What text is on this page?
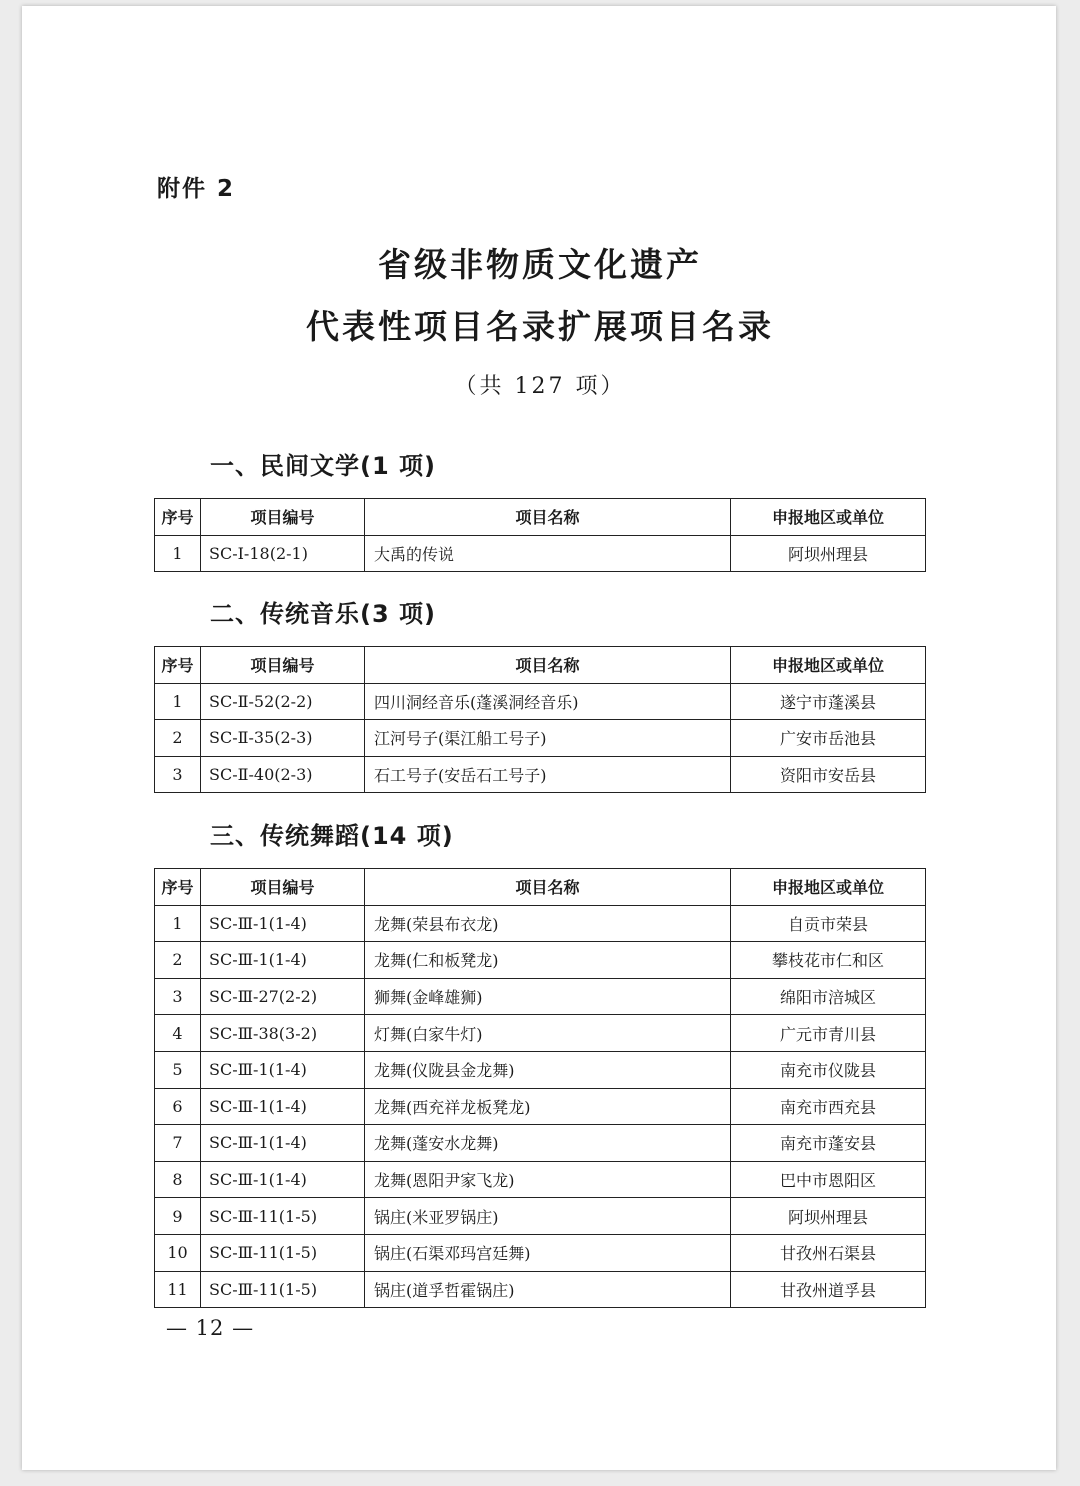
附件 2
省级非物质文化遗产
代表性项目名录扩展项目名录
（共 127 项）
一、民间文学(1 项)
序号	项目编号	项目名称	申报地区或单位
1	SC-Ⅰ-18(2-1)	大禹的传说	阿坝州理县
二、传统音乐(3 项)
序号	项目编号	项目名称	申报地区或单位
1	SC-Ⅱ-52(2-2)	四川洞经音乐(蓬溪洞经音乐)	遂宁市蓬溪县
2	SC-Ⅱ-35(2-3)	江河号子(渠江船工号子)	广安市岳池县
3	SC-Ⅱ-40(2-3)	石工号子(安岳石工号子)	资阳市安岳县
三、传统舞蹈(14 项)
序号	项目编号	项目名称	申报地区或单位
1	SC-Ⅲ-1(1-4)	龙舞(荣县布衣龙)	自贡市荣县
2	SC-Ⅲ-1(1-4)	龙舞(仁和板凳龙)	攀枝花市仁和区
3	SC-Ⅲ-27(2-2)	狮舞(金峰雄狮)	绵阳市涪城区
4	SC-Ⅲ-38(3-2)	灯舞(白家牛灯)	广元市青川县
5	SC-Ⅲ-1(1-4)	龙舞(仪陇县金龙舞)	南充市仪陇县
6	SC-Ⅲ-1(1-4)	龙舞(西充祥龙板凳龙)	南充市西充县
7	SC-Ⅲ-1(1-4)	龙舞(蓬安水龙舞)	南充市蓬安县
8	SC-Ⅲ-1(1-4)	龙舞(恩阳尹家飞龙)	巴中市恩阳区
9	SC-Ⅲ-11(1-5)	锅庄(米亚罗锅庄)	阿坝州理县
10	SC-Ⅲ-11(1-5)	锅庄(石渠邓玛宫廷舞)	甘孜州石渠县
11	SC-Ⅲ-11(1-5)	锅庄(道孚哲霍锅庄)	甘孜州道孚县
— 12 —
